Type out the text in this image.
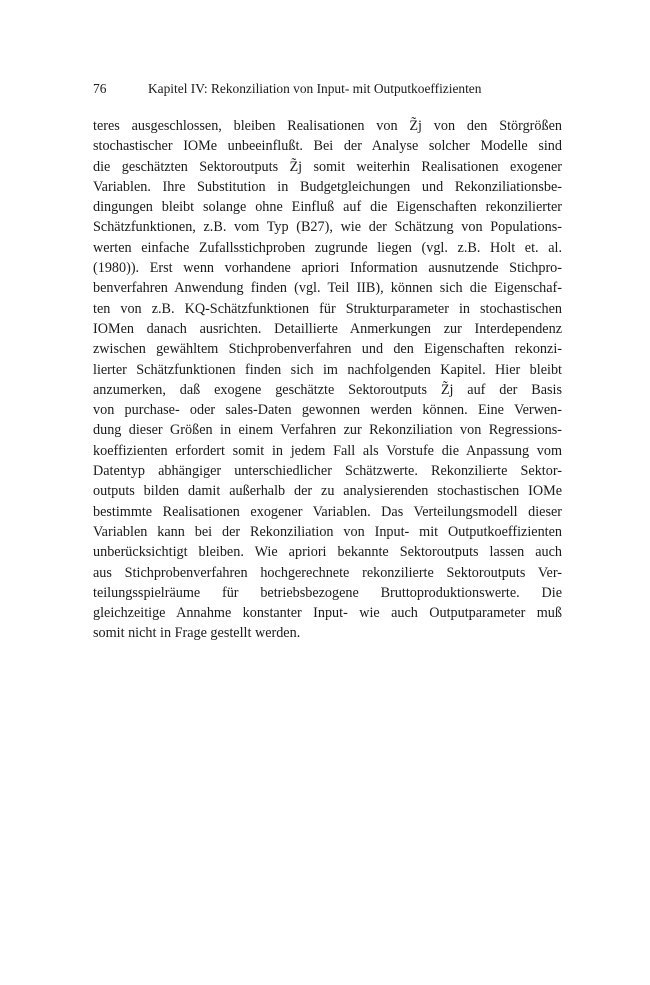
76	Kapitel IV: Rekonziliation von Input- mit Outputkoeffizienten
teres ausgeschlossen, bleiben Realisationen von Z̃j von den Störgrößen
stochastischer IOMe unbeeinflußt. Bei der Analyse solcher Modelle sind
die geschätzten Sektoroutputs Z̃j somit weiterhin Realisationen exogener
Variablen. Ihre Substitution in Budgetgleichungen und Rekonziliationsbe-
dingungen bleibt solange ohne Einfluß auf die Eigenschaften rekonzilierter
Schätzfunktionen, z.B. vom Typ (B27), wie der Schätzung von Populations-
werten einfache Zufallsstichproben zugrunde liegen (vgl. z.B. Holt et. al.
(1980)). Erst wenn vorhandene apriori Information ausnutzende Stichpro-
benverfahren Anwendung finden (vgl. Teil IIB), können sich die Eigenschaf-
ten von z.B. KQ-Schätzfunktionen für Strukturparameter in stochastischen
IOMen danach ausrichten. Detaillierte Anmerkungen zur Interdependenz
zwischen gewähltem Stichprobenverfahren und den Eigenschaften rekonzi-
lierter Schätzfunktionen finden sich im nachfolgenden Kapitel. Hier bleibt
anzumerken, daß exogene geschätzte Sektoroutputs Z̃j auf der Basis
von purchase- oder sales-Daten gewonnen werden können. Eine Verwen-
dung dieser Größen in einem Verfahren zur Rekonziliation von Regressions-
koeffizienten erfordert somit in jedem Fall als Vorstufe die Anpassung vom
Datentyp abhängiger unterschiedlicher Schätzwerte. Rekonzilierte Sektor-
outputs bilden damit außerhalb der zu analysierenden stochastischen IOMe
bestimmte Realisationen exogener Variablen. Das Verteilungsmodell dieser
Variablen kann bei der Rekonziliation von Input- mit Outputkoeffizienten
unberücksichtigt bleiben. Wie apriori bekannte Sektoroutputs lassen auch
aus Stichprobenverfahren hochgerechnete rekonzilierte Sektoroutputs Ver-
teilungsspielräume für betriebsbezogene Bruttoproduktionswerte. Die
gleichzeitige Annahme konstanter Input- wie auch Outputparameter muß
somit nicht in Frage gestellt werden.
